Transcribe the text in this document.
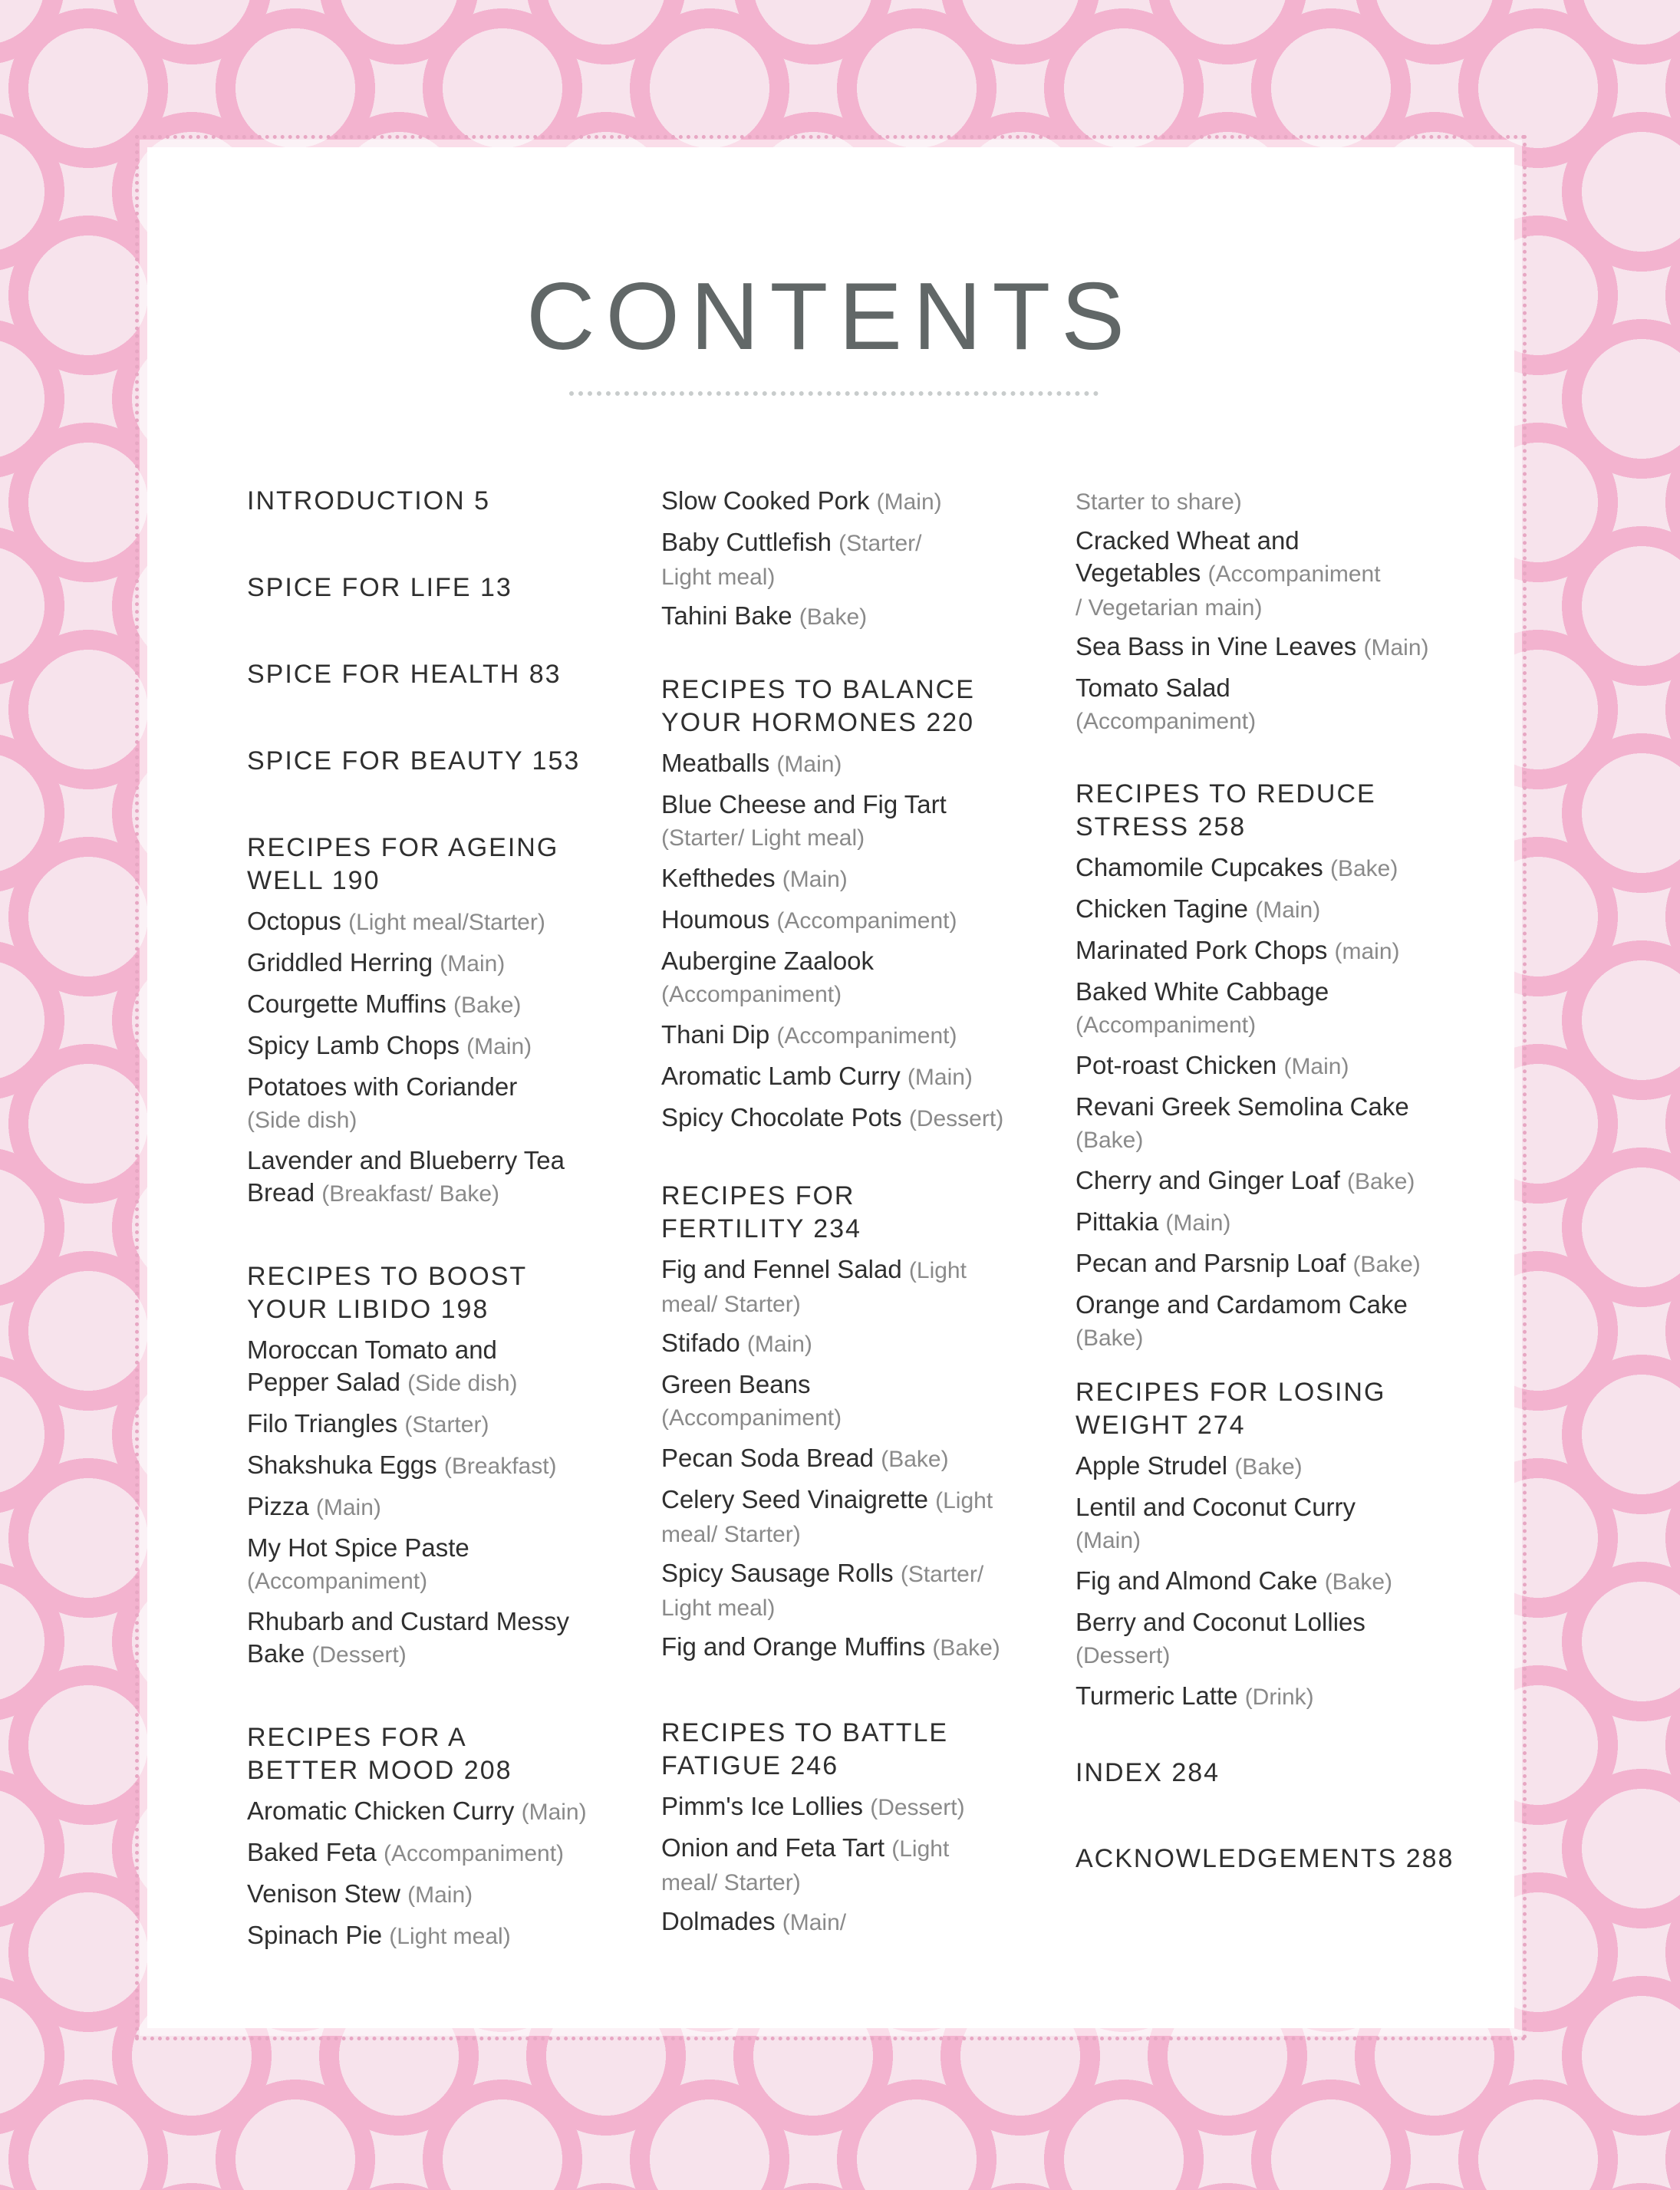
CONTENTS
INTRODUCTION 5
SPICE FOR LIFE 13
SPICE FOR HEALTH 83
SPICE FOR BEAUTY 153
RECIPES FOR AGEING
WELL 190
Octopus (Light meal/Starter)
Griddled Herring (Main)
Courgette Muffins (Bake)
Spicy Lamb Chops (Main)
Potatoes with Coriander
(Side dish)
Lavender and Blueberry Tea
Bread (Breakfast/ Bake)
RECIPES TO BOOST
YOUR LIBIDO 198
Moroccan Tomato and
Pepper Salad (Side dish)
Filo Triangles (Starter)
Shakshuka Eggs (Breakfast)
Pizza (Main)
My Hot Spice Paste
(Accompaniment)
Rhubarb and Custard Messy
Bake (Dessert)
RECIPES FOR A
BETTER MOOD 208
Aromatic Chicken Curry (Main)
Baked Feta (Accompaniment)
Venison Stew (Main)
Spinach Pie (Light meal)
Slow Cooked Pork (Main)
Baby Cuttlefish (Starter/
Light meal)
Tahini Bake (Bake)
RECIPES TO BALANCE
YOUR HORMONES 220
Meatballs (Main)
Blue Cheese and Fig Tart
(Starter/ Light meal)
Kefthedes (Main)
Houmous (Accompaniment)
Aubergine Zaalook
(Accompaniment)
Thani Dip (Accompaniment)
Aromatic Lamb Curry (Main)
Spicy Chocolate Pots (Dessert)
RECIPES FOR
FERTILITY 234
Fig and Fennel Salad (Light
meal/ Starter)
Stifado (Main)
Green Beans
(Accompaniment)
Pecan Soda Bread (Bake)
Celery Seed Vinaigrette (Light
meal/ Starter)
Spicy Sausage Rolls (Starter/
Light meal)
Fig and Orange Muffins (Bake)
RECIPES TO BATTLE
FATIGUE 246
Pimm's Ice Lollies (Dessert)
Onion and Feta Tart (Light
meal/ Starter)
Dolmades (Main/
Starter to share)
Cracked Wheat and
Vegetables (Accompaniment
/ Vegetarian main)
Sea Bass in Vine Leaves (Main)
Tomato Salad
(Accompaniment)
RECIPES TO REDUCE
STRESS 258
Chamomile Cupcakes (Bake)
Chicken Tagine (Main)
Marinated Pork Chops (main)
Baked White Cabbage
(Accompaniment)
Pot-roast Chicken (Main)
Revani Greek Semolina Cake
(Bake)
Cherry and Ginger Loaf (Bake)
Pittakia (Main)
Pecan and Parsnip Loaf (Bake)
Orange and Cardamom Cake
(Bake)
RECIPES FOR LOSING
WEIGHT 274
Apple Strudel (Bake)
Lentil and Coconut Curry
(Main)
Fig and Almond Cake (Bake)
Berry and Coconut Lollies
(Dessert)
Turmeric Latte (Drink)
INDEX 284
ACKNOWLEDGEMENTS 288
